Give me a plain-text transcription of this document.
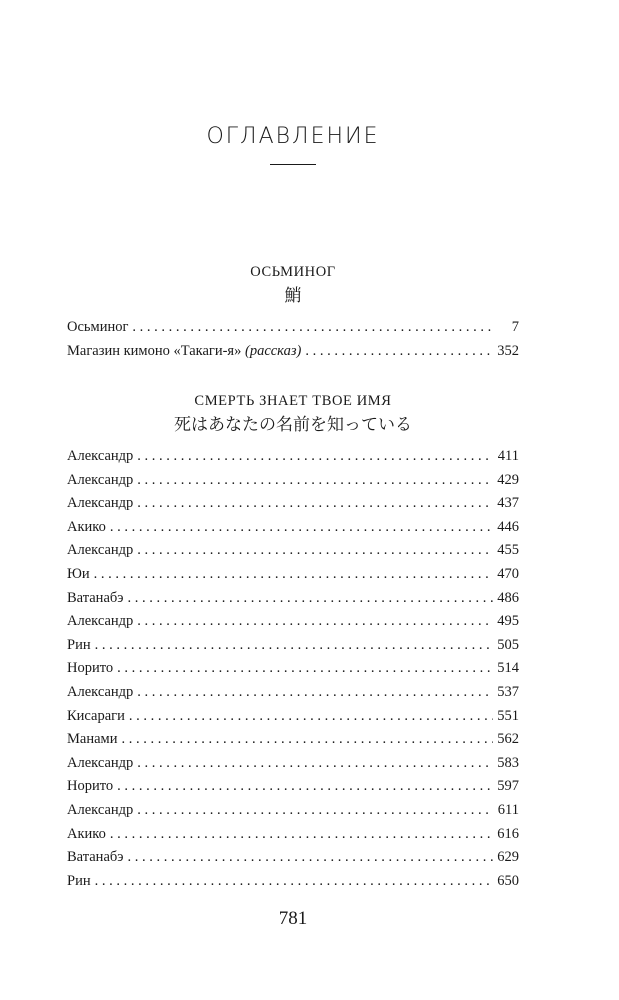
ОГЛАВЛЕНИЕ
ОСЬМИНОГ
鮹
Осьминог . . .	7
Магазин кимоно «Такаги-я» (рассказ) . . .	352
СМЕРТЬ ЗНАЕТ ТВОЕ ИМЯ
死はあなたの名前を知っている
Александр . . .	411
Александр . . .	429
Александр . . .	437
Акико . . .	446
Александр . . .	455
Юи . . .	470
Ватанабэ . . .	486
Александр . . .	495
Рин . . .	505
Норито . . .	514
Александр . . .	537
Кисараги . . .	551
Манами . . .	562
Александр . . .	583
Норито . . .	597
Александр . . .	611
Акико . . .	616
Ватанабэ . . .	629
Рин . . .	650
781
